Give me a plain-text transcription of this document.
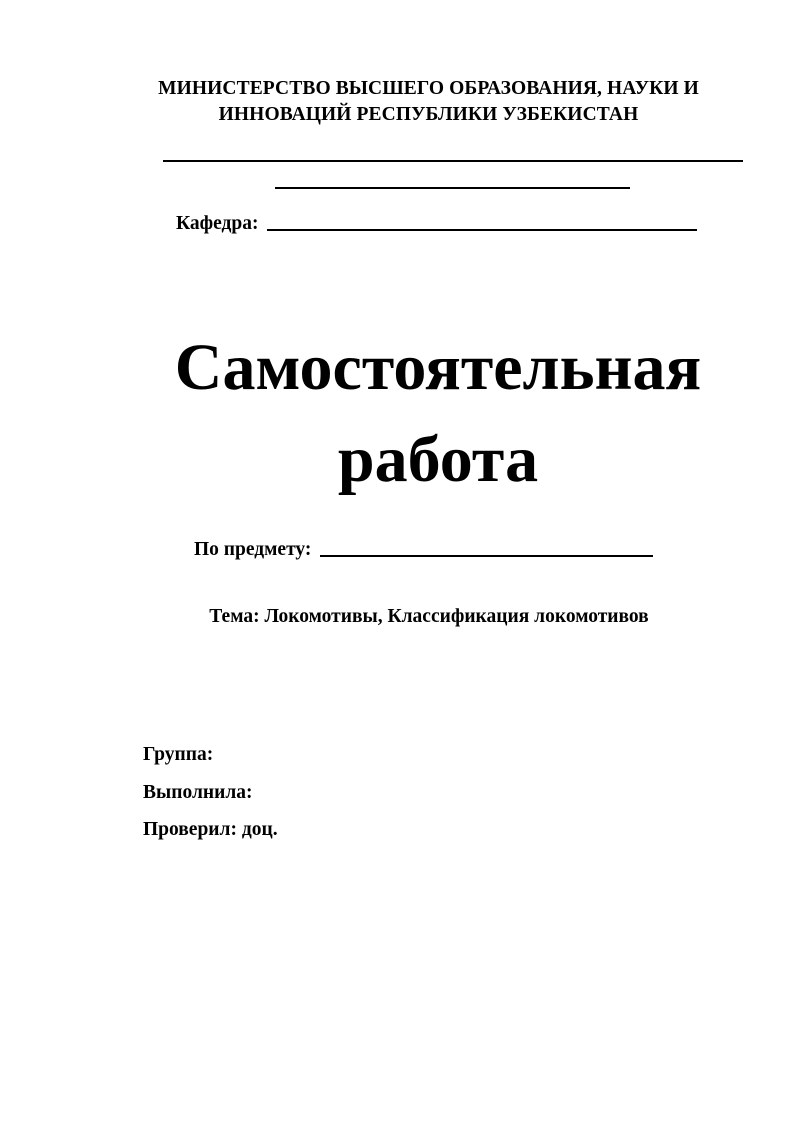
МИНИСТЕРСТВО ВЫСШЕГО ОБРАЗОВАНИЯ, НАУКИ И
ИННОВАЦИЙ РЕСПУБЛИКИ УЗБЕКИСТАН
Кафедра:
Самостоятельная
работа
По предмету:
Тема: Локомотивы, Классификация локомотивов
Группа:
Выполнила:
Проверил: доц.
